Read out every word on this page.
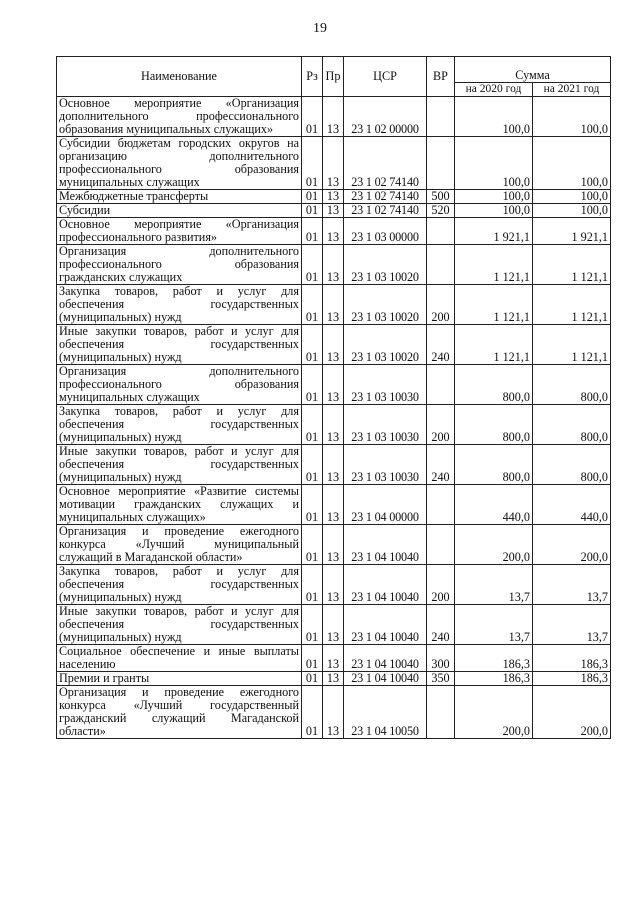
19
Наименование	Рз	Пр	ЦСР	ВР	Сумма	
					на 2020 год	на 2021 год
Основное мероприятие «Организация дополнительного профессионального образования муниципальных служащих»	01	13	23 1 02 00000		100,0	100,0
Субсидии бюджетам городских округов на организацию дополнительного профессионального образования муниципальных служащих	01	13	23 1 02 74140		100,0	100,0
Межбюджетные трансферты	01	13	23 1 02 74140	500	100,0	100,0
Субсидии	01	13	23 1 02 74140	520	100,0	100,0
Основное мероприятие «Организация профессионального развития»	01	13	23 1 03 00000		1 921,1	1 921,1
Организация дополнительного профессионального образования гражданских служащих	01	13	23 1 03 10020		1 121,1	1 121,1
Закупка товаров, работ и услуг для обеспечения государственных (муниципальных) нужд	01	13	23 1 03 10020	200	1 121,1	1 121,1
Иные закупки товаров, работ и услуг для обеспечения государственных (муниципальных) нужд	01	13	23 1 03 10020	240	1 121,1	1 121,1
Организация дополнительного профессионального образования муниципальных служащих	01	13	23 1 03 10030		800,0	800,0
Закупка товаров, работ и услуг для обеспечения государственных (муниципальных) нужд	01	13	23 1 03 10030	200	800,0	800,0
Иные закупки товаров, работ и услуг для обеспечения государственных (муниципальных) нужд	01	13	23 1 03 10030	240	800,0	800,0
Основное мероприятие «Развитие системы мотивации гражданских служащих и муниципальных служащих»	01	13	23 1 04 00000		440,0	440,0
Организация и проведение ежегодного конкурса «Лучший муниципальный служащий в Магаданской области»	01	13	23 1 04 10040		200,0	200,0
Закупка товаров, работ и услуг для обеспечения государственных (муниципальных) нужд	01	13	23 1 04 10040	200	13,7	13,7
Иные закупки товаров, работ и услуг для обеспечения государственных (муниципальных) нужд	01	13	23 1 04 10040	240	13,7	13,7
Социальное обеспечение и иные выплаты населению	01	13	23 1 04 10040	300	186,3	186,3
Премии и гранты	01	13	23 1 04 10040	350	186,3	186,3
Организация и проведение ежегодного конкурса «Лучший государственный гражданский служащий Магаданской области»	01	13	23 1 04 10050		200,0	200,0
